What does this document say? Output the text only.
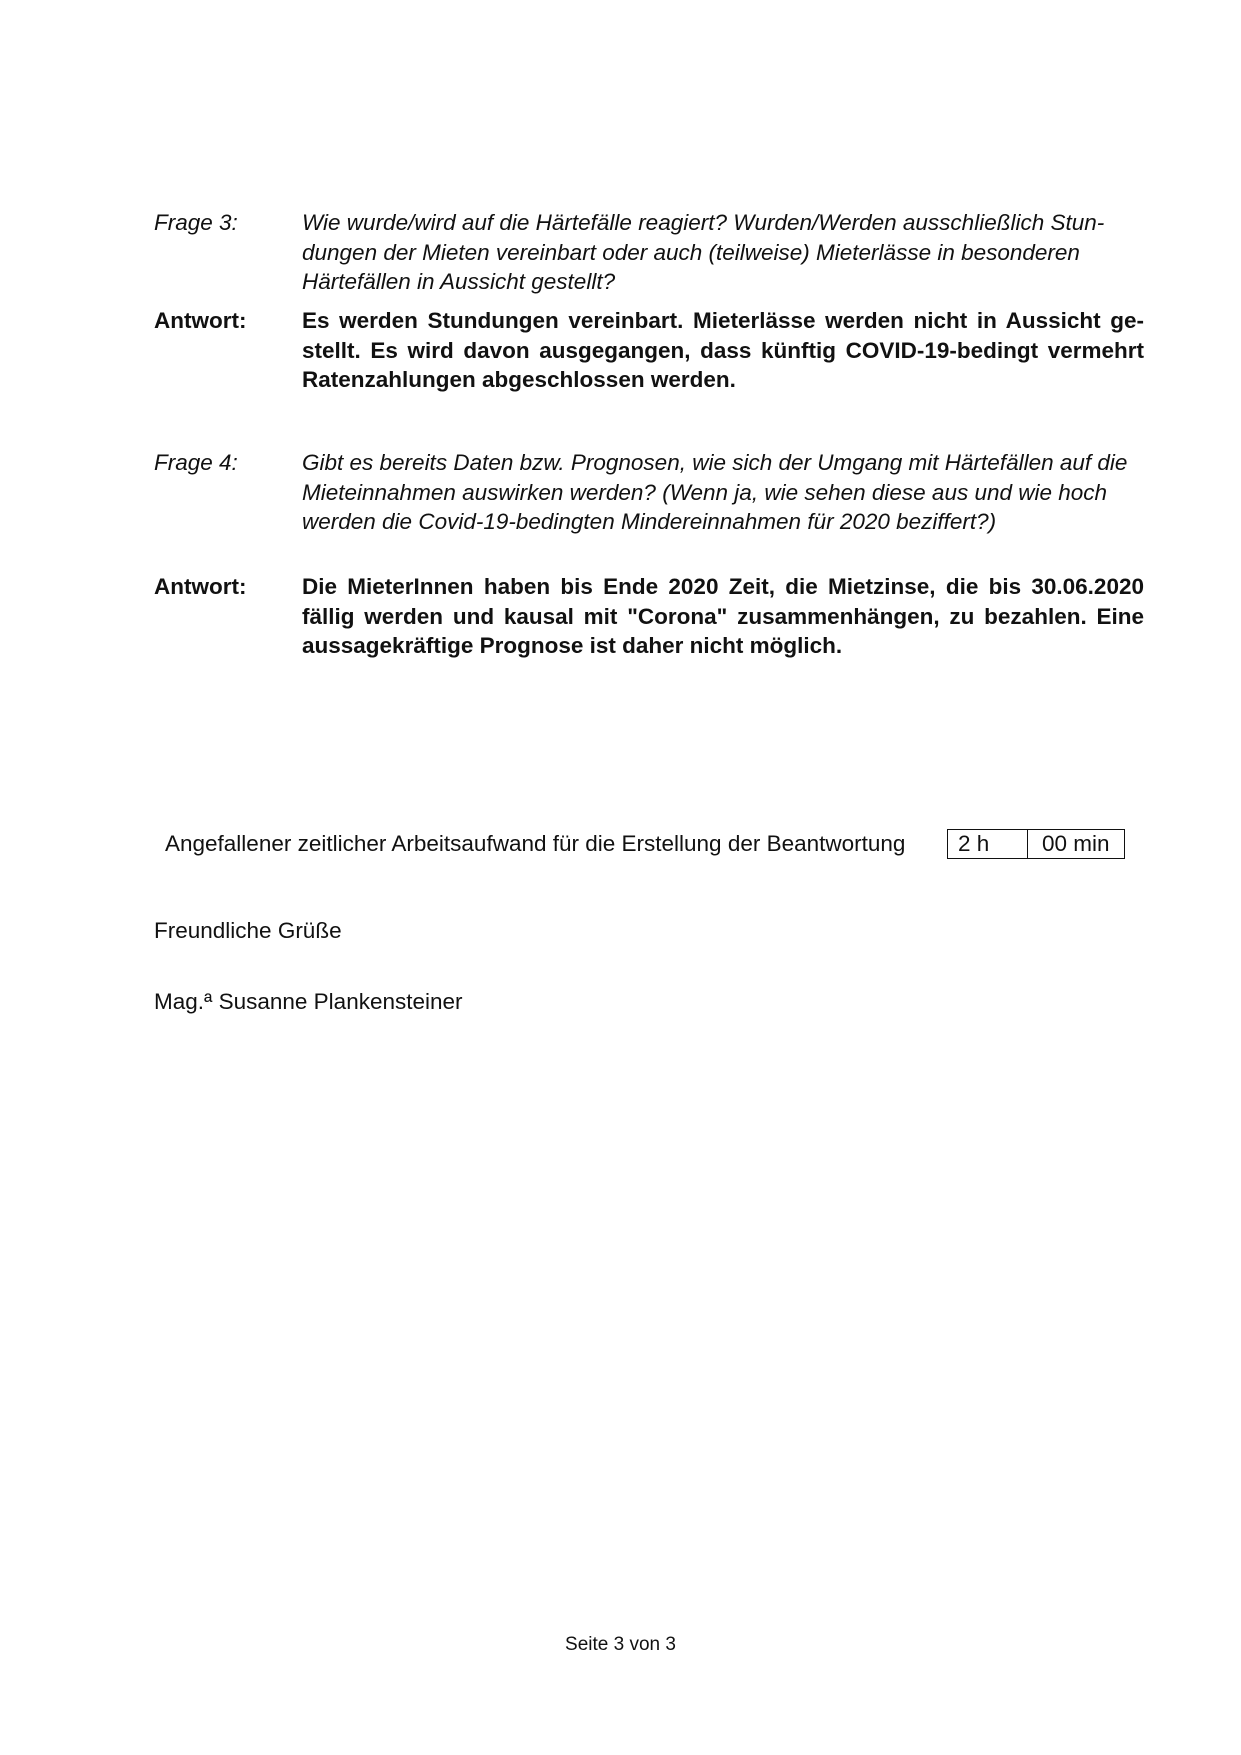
Frage 3:	Wie wurde/wird auf die Härtefälle reagiert? Wurden/Werden ausschließlich Stundungen der Mieten vereinbart oder auch (teilweise) Mieterlässe in besonderen Härtefällen in Aussicht gestellt?
Antwort:	Es werden Stundungen vereinbart. Mieterlässe werden nicht in Aussicht gestellt. Es wird davon ausgegangen, dass künftig COVID-19-bedingt vermehrt Ratenzahlungen abgeschlossen werden.
Frage 4:	Gibt es bereits Daten bzw. Prognosen, wie sich der Umgang mit Härtefällen auf die Mieteinnahmen auswirken werden? (Wenn ja, wie sehen diese aus und wie hoch werden die Covid-19-bedingten Mindereinnahmen für 2020 beziffert?)
Antwort:	Die MieterInnen haben bis Ende 2020 Zeit, die Mietzinse, die bis 30.06.2020 fällig werden und kausal mit "Corona" zusammenhängen, zu bezahlen. Eine aussagekräftige Prognose ist daher nicht möglich.
Angefallener zeitlicher Arbeitsaufwand für die Erstellung der Beantwortung	2 h	00 min
Freundliche Grüße
Mag.ª Susanne Plankensteiner
Seite 3 von 3
